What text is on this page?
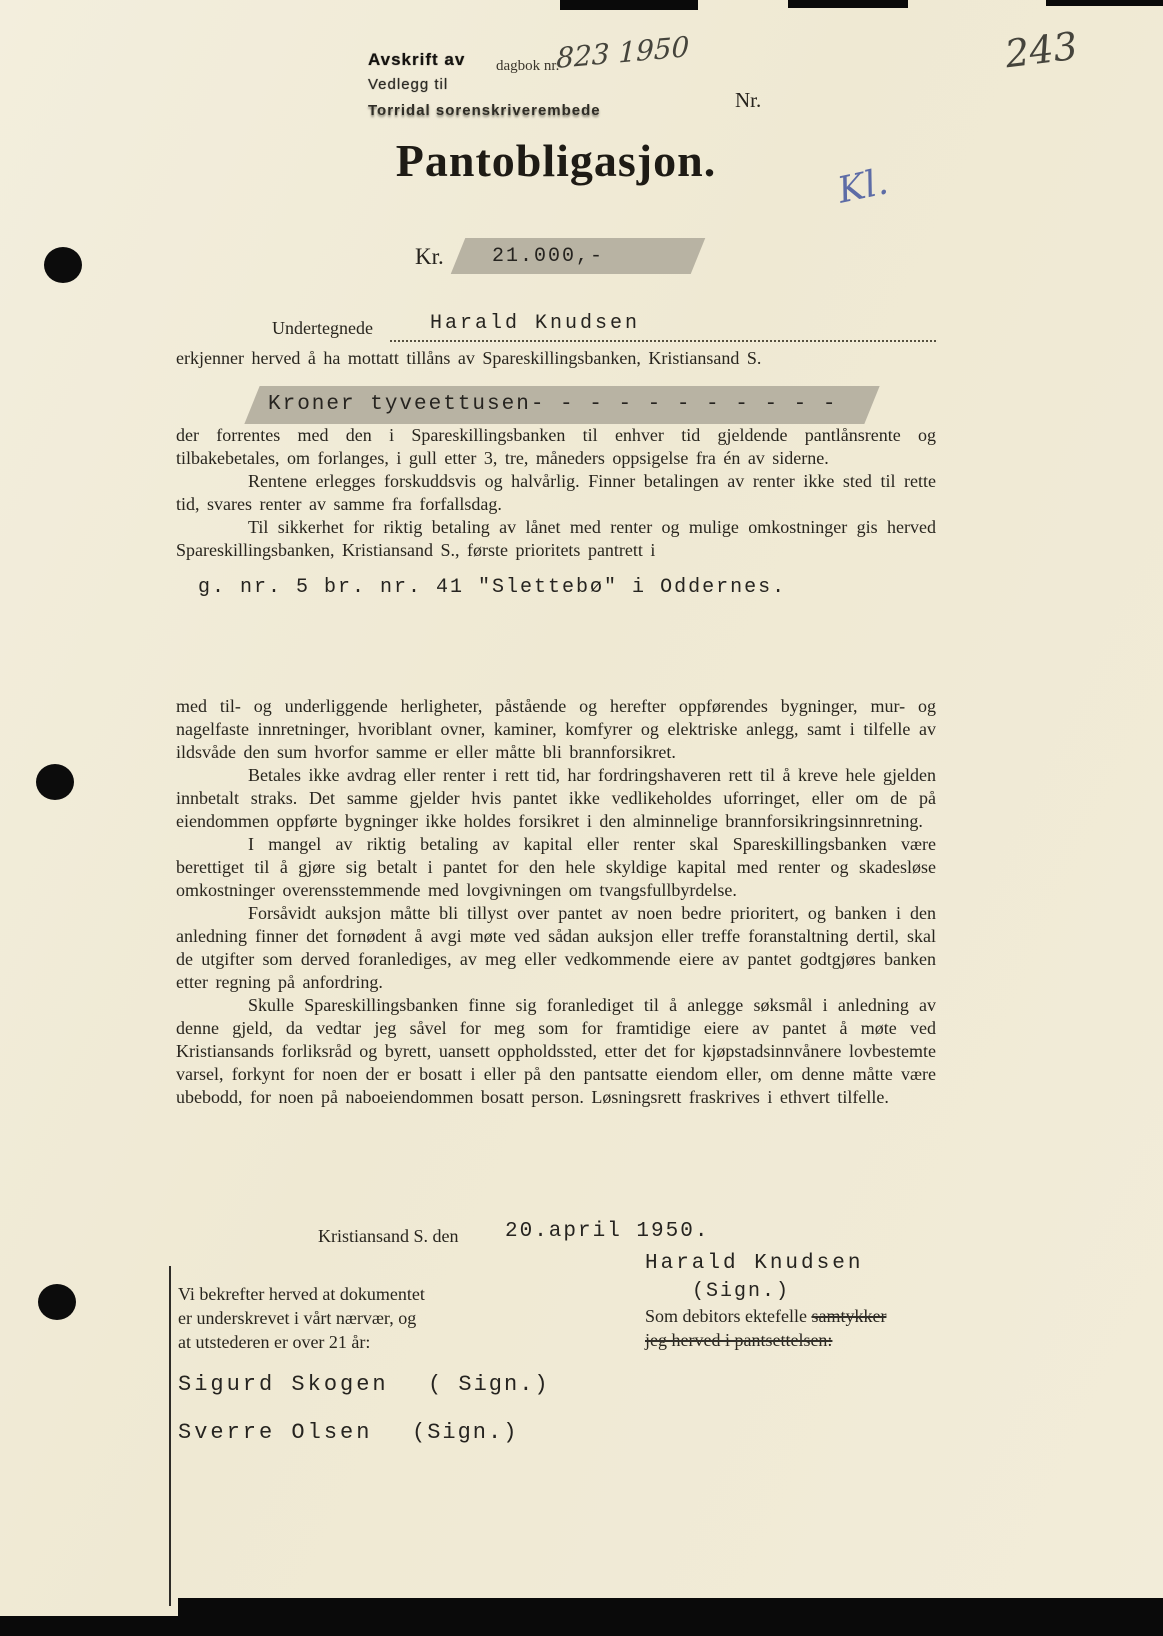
Avskrift av dagbok nr.
823 1950
Vedlegg til
Torridal sorenskriverembede	Nr.
243
Pantobligasjon.
Kl.
Kr.	21.000,-
Undertegnede	Harald Knudsen
erkjenner herved å ha mottatt tillåns av Spareskillingsbanken, Kristiansand S.
Kroner tyveettusen- - - - - - - - - - -

der forrentes med den i Spareskillingsbanken til enhver tid gjeldende pantlånsrente og tilbakebetales, om forlanges, i gull etter 3, tre, måneders oppsigelse fra én av siderne.

Rentene erlegges forskuddsvis og halvårlig. Finner betalingen av renter ikke sted til rette tid, svares renter av samme fra forfallsdag.

Til sikkerhet for riktig betaling av lånet med renter og mulige omkostninger gis herved Spareskillingsbanken, Kristiansand S., første prioritets pantrett i

g. nr. 5 br. nr. 41 "Slettebø" i Oddernes.

med til- og underliggende herligheter, påstående og herefter oppførendes bygninger, mur- og nagelfaste innretninger, hvoriblant ovner, kaminer, komfyrer og elektriske anlegg, samt i tilfelle av ildsvåde den sum hvorfor samme er eller måtte bli brannforsikret.

Betales ikke avdrag eller renter i rett tid, har fordringshaveren rett til å kreve hele gjelden innbetalt straks. Det samme gjelder hvis pantet ikke vedlikeholdes uforringet, eller om de på eiendommen oppførte bygninger ikke holdes forsikret i den alminnelige brannforsikringsinnretning.

I mangel av riktig betaling av kapital eller renter skal Spareskillingsbanken være berettiget til å gjøre sig betalt i pantet for den hele skyldige kapital med renter og skadesløse omkostninger overensstemmende med lovgivningen om tvangsfullbyrdelse.

Forsåvidt auksjon måtte bli tillyst over pantet av noen bedre prioritert, og banken i den anledning finner det fornødent å avgi møte ved sådan auksjon eller treffe foranstaltning dertil, skal de utgifter som derved foranlediges, av meg eller vedkommende eiere av pantet godtgjøres banken etter regning på anfordring.

Skulle Spareskillingsbanken finne sig foranlediget til å anlegge søksmål i anledning av denne gjeld, da vedtar jeg såvel for meg som for framtidige eiere av pantet å møte ved Kristiansands forliksråd og byrett, uansett oppholdssted, etter det for kjøpstadsinnvånere lovbestemte varsel, forkynt for noen der er bosatt i eller på den pantsatte eiendom eller, om denne måtte være ubebodd, for noen på naboeiendommen bosatt person. Løsningsrett fraskrives i ethvert tilfelle.

Kristiansand S. den 20.april 1950.
Harald Knudsen
(Sign.)
Som debitors ektefelle samtykker
jeg herved i pantsettelsen:
Vi bekrefter herved at dokumentet
er underskrevet i vårt nærvær, og
at utstederen er over 21 år:
Sigurd Skogen ( Sign.)
Sverre Olsen (Sign.)
